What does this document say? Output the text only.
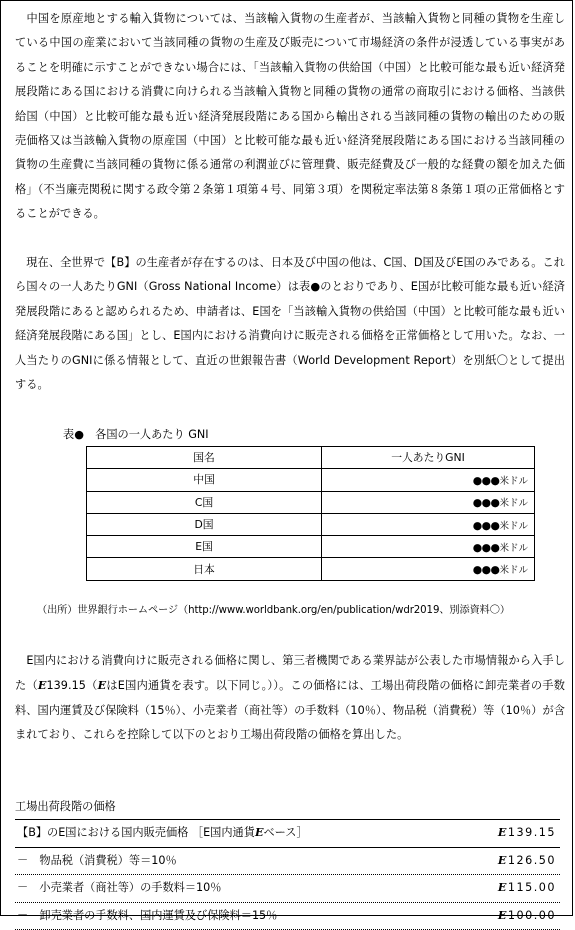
　中国を原産地とする輸入貨物については、当該輸入貨物の生産者が、当該輸入貨物と同種の貨物を生産している中国の産業において当該同種の貨物の生産及び販売について市場経済の条件が浸透している事実があることを明確に示すことができない場合には、「当該輸入貨物の供給国（中国）と比較可能な最も近い経済発展段階にある国における消費に向けられる当該輸入貨物と同種の貨物の通常の商取引における価格、当該供給国（中国）と比較可能な最も近い経済発展段階にある国から輸出される当該同種の貨物の輸出のための販売価格又は当該輸入貨物の原産国（中国）と比較可能な最も近い経済発展段階にある国における当該同種の貨物の生産費に当該同種の貨物に係る通常の利潤並びに管理費、販売経費及び一般的な経費の額を加えた価格」（不当廉売関税に関する政令第２条第１項第４号、同第３項）を関税定率法第８条第１項の正常価格とすることができる。

　現在、全世界で【B】の生産者が存在するのは、日本及び中国の他は、C国、D国及びE国のみである。これら国々の一人あたりGNI（Gross National Income）は表●のとおりであり、E国が比較可能な最も近い経済発展段階にあると認められるため、申請者は、E国を「当該輸入貨物の供給国（中国）と比較可能な最も近い経済発展段階にある国」とし、E国内における消費向けに販売される価格を正常価格として用いた。なお、一人当たりのGNIに係る情報として、直近の世銀報告書（World Development Report）を別紙〇として提出する。

表●　各国の一人あたり GNI

国名	一人あたりGNI
中国	●●●米ドル
C国	●●●米ドル
D国	●●●米ドル
E国	●●●米ドル
日本	●●●米ドル

（出所）世界銀行ホームページ（http://www.worldbank.org/en/publication/wdr2019、別添資料〇）

　E国内における消費向けに販売される価格に関し、第三者機関である業界誌が公表した市場情報から入手した（E139.15（EはE国内通貨を表す。以下同じ。））。この価格には、工場出荷段階の価格に卸売業者の手数料、国内運賃及び保険料（15％）、小売業者（商社等）の手数料（10％）、物品税（消費税）等（10％）が含まれており、これらを控除して以下のとおり工場出荷段階の価格を算出した。

工場出荷段階の価格

【B】のE国における国内販売価格 ［E国内通貨Eベース］	E139.15
－　物品税（消費税）等＝10％	E126.50
－　小売業者（商社等）の手数料＝10％	E115.00
－　卸売業者の手数料、国内運賃及び保険料＝15％	E100.00
